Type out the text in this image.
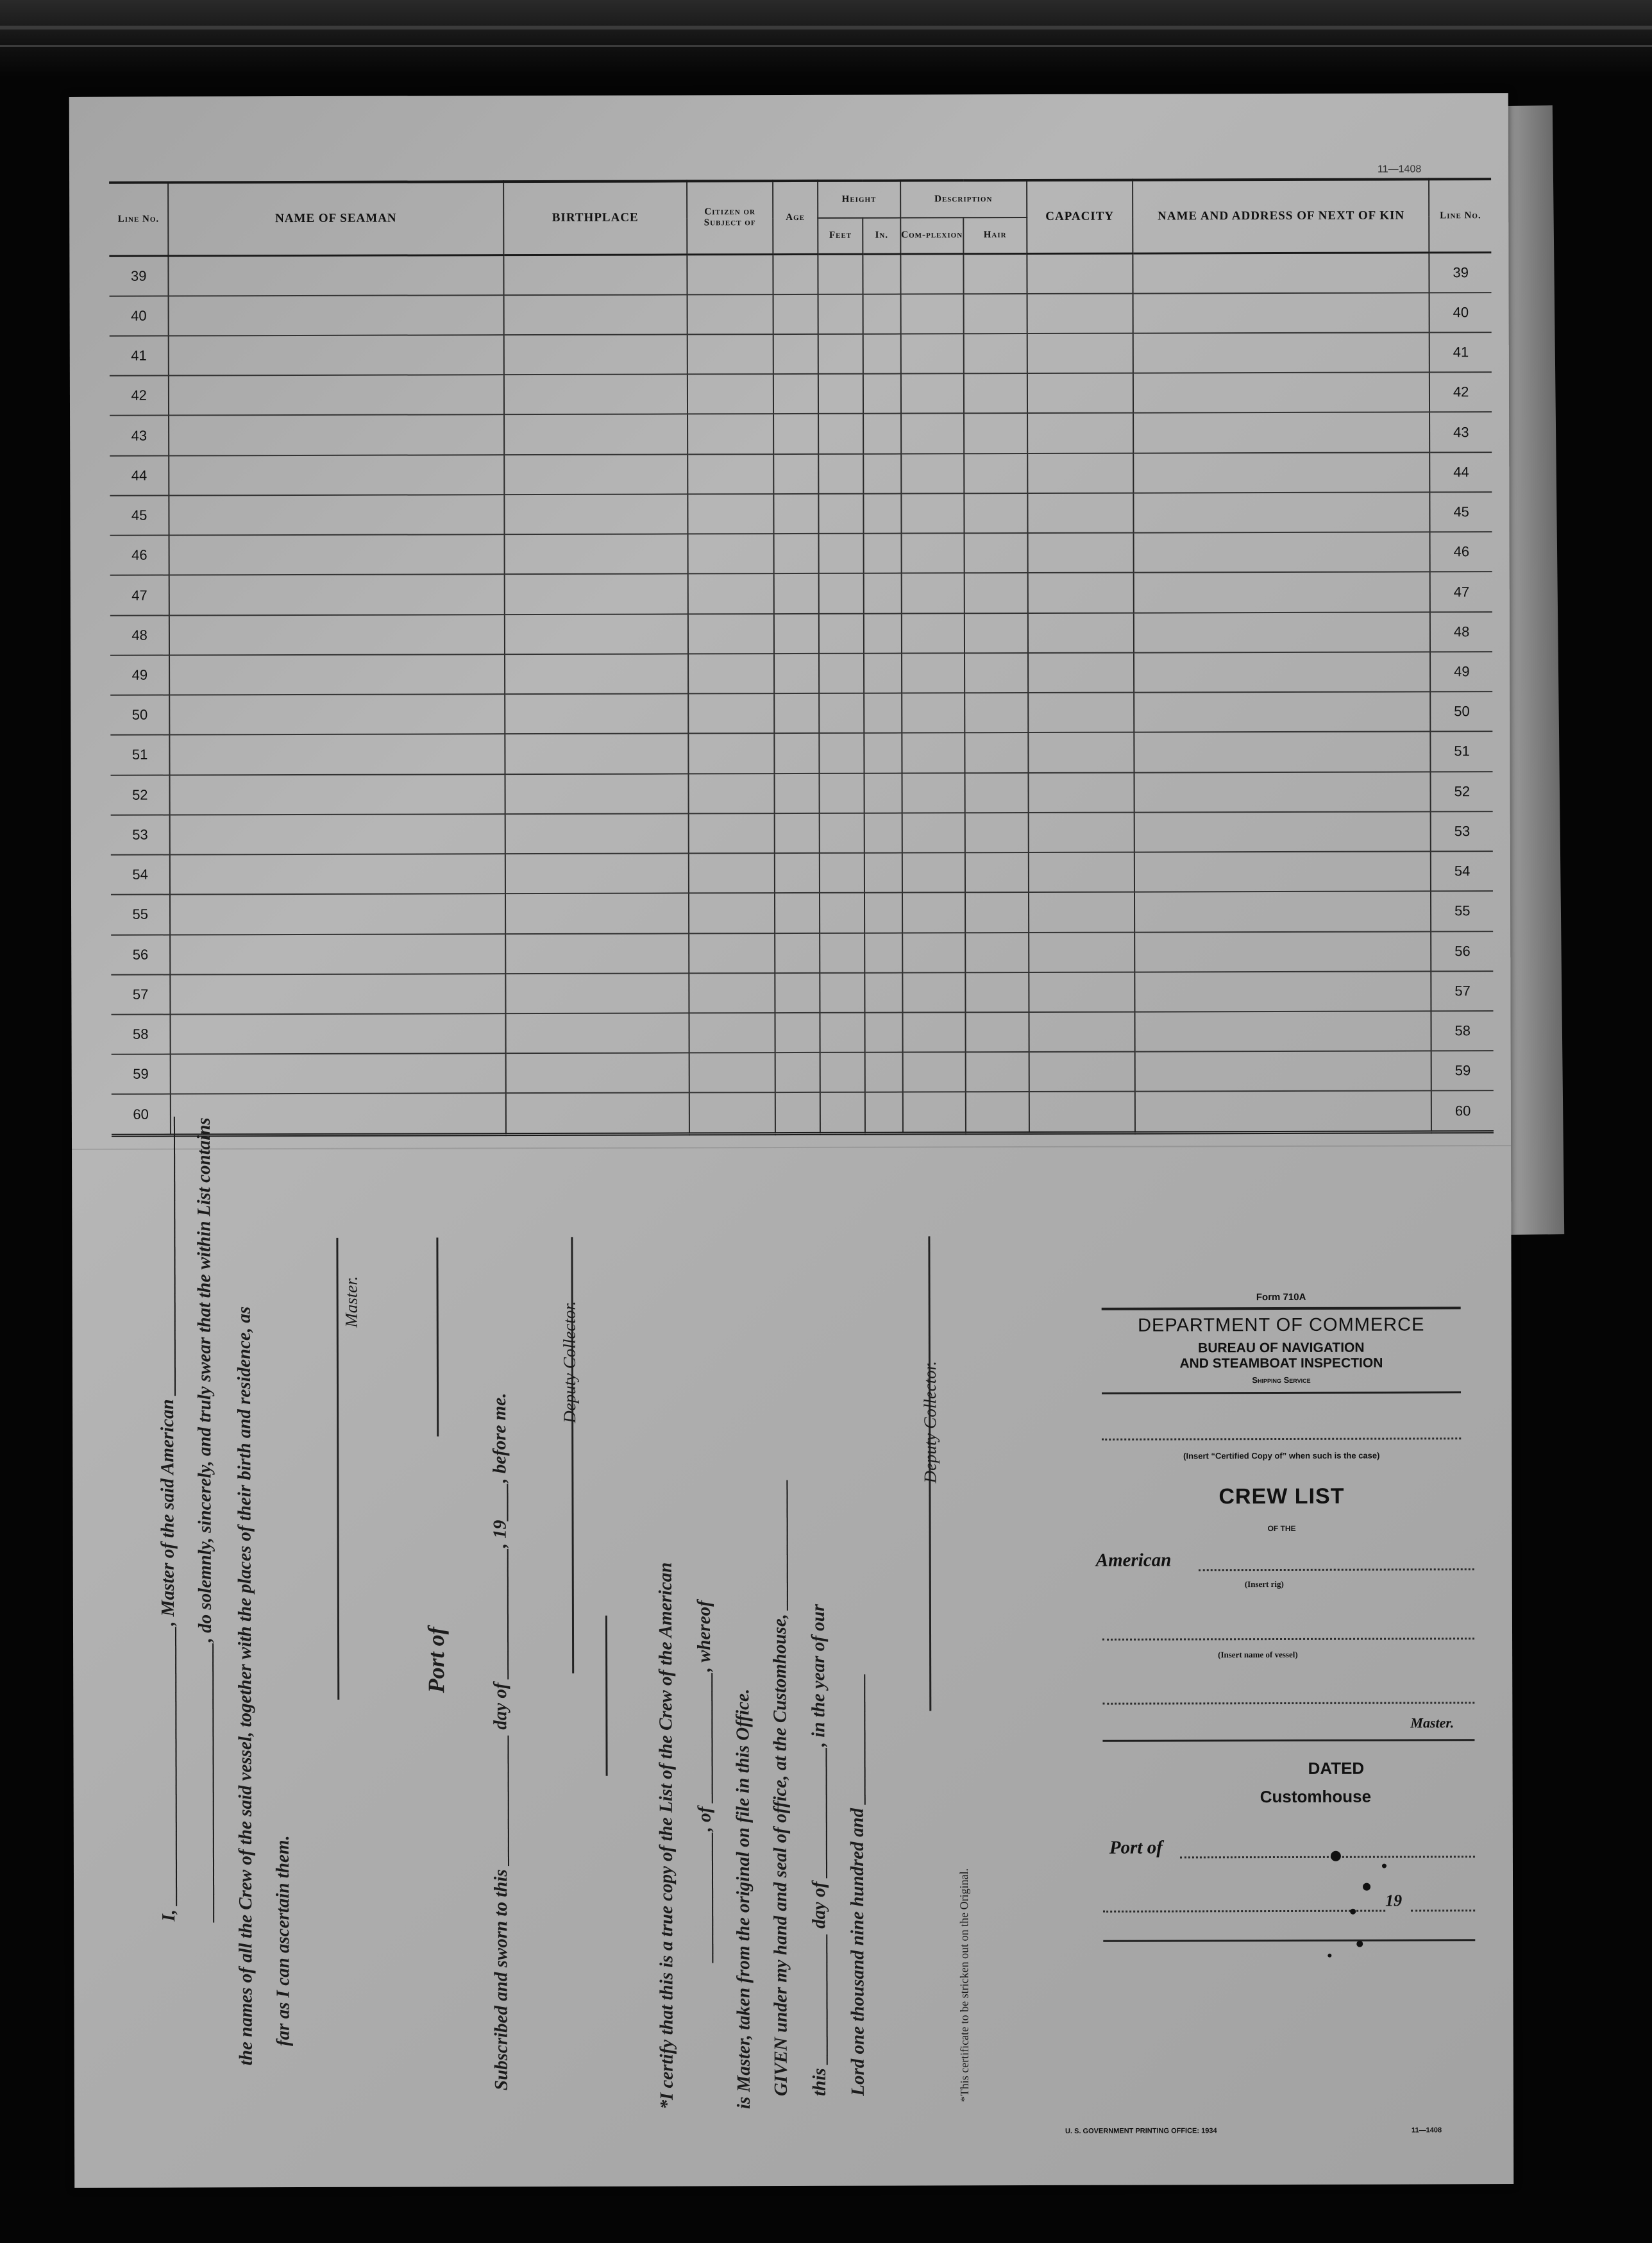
11—1408
Line No.	NAME OF SEAMAN	BIRTHPLACE	Citizen or Subject of	Age	Height		Description		CAPACITY	NAME AND ADDRESS OF NEXT OF KIN	Line No.
					Feet	In.	Com-plexion	Hair			
39											39
40											40
41											41
42											42
43											43
44											44
45											45
46											46
47											47
48											48
49											49
50											50
51											51
52											52
53											53
54											54
55											55
56											56
57											57
58											58
59											59
60											60
I, ______________________________, Master of the said American ______________________________ ______________________________, do solemnly, sincerely, and truly swear that the within List contains the names of all the Crew of the said vessel, together with the places of their birth and residence, as far as I can ascertain them.
Master.
Port of Subscribed and sworn to this ______________ day of ______________, 19____, before me.
Deputy Collector.
*I certify that this is a true copy of the List of the Crew of the American ______________, of ______________, whereof is Master, taken from the original on file in this Office. GIVEN under my hand and seal of office, at the Customhouse, ______________ this ______________ day of ______________, in the year of our Lord one thousand nine hundred and ______________
Deputy Collector.
*This certificate to be stricken out on the Original.
Form 710A
DEPARTMENT OF COMMERCE
BUREAU OF NAVIGATION
AND STEAMBOAT INSPECTION
Shipping Service
(Insert “Certified Copy of” when such is the case)
CREW LIST
OF THE
American
(Insert rig)
(Insert name of vessel)
Master.
DATED
Customhouse
Port of
19
U. S. GOVERNMENT PRINTING OFFICE: 1934	11—1408
